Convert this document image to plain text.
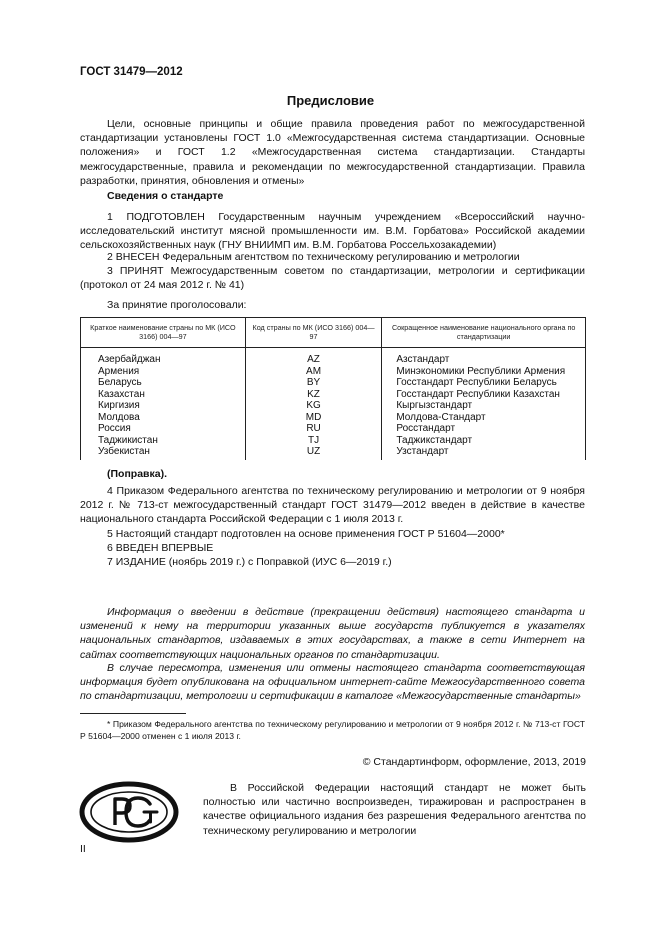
ГОСТ 31479—2012
Предисловие

Цели, основные принципы и общие правила проведения работ по межгосударственной стандартизации установлены ГОСТ 1.0 «Межгосударственная система стандартизации. Основные положения» и ГОСТ 1.2 «Межгосударственная система стандартизации. Стандарты межгосударственные, правила и рекомендации по межгосударственной стандартизации. Правила разработки, принятия, обновления и отмены»

Сведения о стандарте

1 ПОДГОТОВЛЕН Государственным научным учреждением «Всероссийский научно-исследовательский институт мясной промышленности им. В.М. Горбатова» Российской академии сельскохозяйственных наук (ГНУ ВНИИМП им. В.М. Горбатова Россельхозакадемии)

2 ВНЕСЕН Федеральным агентством по техническому регулированию и метрологии

3 ПРИНЯТ Межгосударственным советом по стандартизации, метрологии и сертификации (протокол от 24 мая 2012 г. № 41)

За принятие проголосовали:
Краткое наименование страны по МК (ИСО 3166) 004—97	Код страны по МК (ИСО 3166) 004—97	Сокращенное наименование национального органа по стандартизации
Азербайджан	AZ	Азстандарт
Армения	AM	Минэкономики Республики Армения
Беларусь	BY	Госстандарт Республики Беларусь
Казахстан	KZ	Госстандарт Республики Казахстан
Киргизия	KG	Кыргызстандарт
Молдова	MD	Молдова-Стандарт
Россия	RU	Росстандарт
Таджикистан	TJ	Таджикстандарт
Узбекистан	UZ	Узстандарт
(Поправка).

4 Приказом Федерального агентства по техническому регулированию и метрологии от 9 ноября 2012 г. № 713-ст межгосударственный стандарт ГОСТ 31479—2012 введен в действие в качестве национального стандарта Российской Федерации с 1 июля 2013 г.

5 Настоящий стандарт подготовлен на основе применения ГОСТ Р 51604—2000*

6 ВВЕДЕН ВПЕРВЫЕ

7 ИЗДАНИЕ (ноябрь 2019 г.) с Поправкой (ИУС 6—2019 г.)

Информация о введении в действие (прекращении действия) настоящего стандарта и изменений к нему на территории указанных выше государств публикуется в указателях национальных стандартов, издаваемых в этих государствах, а также в сети Интернет на сайтах соответствующих национальных органов по стандартизации.

В случае пересмотра, изменения или отмены настоящего стандарта соответствующая информация будет опубликована на официальном интернет-сайте Межгосударственного совета по стандартизации, метрологии и сертификации в каталоге «Межгосударственные стандарты»

* Приказом Федерального агентства по техническому регулированию и метрологии от 9 ноября 2012 г. № 713-ст ГОСТ Р 51604—2000 отменен с 1 июля 2013 г.

© Стандартинформ, оформление, 2013, 2019

В Российской Федерации настоящий стандарт не может быть полностью или частично воспроизведен, тиражирован и распространен в качестве официального издания без разрешения Федерального агентства по техническому регулированию и метрологии

II
